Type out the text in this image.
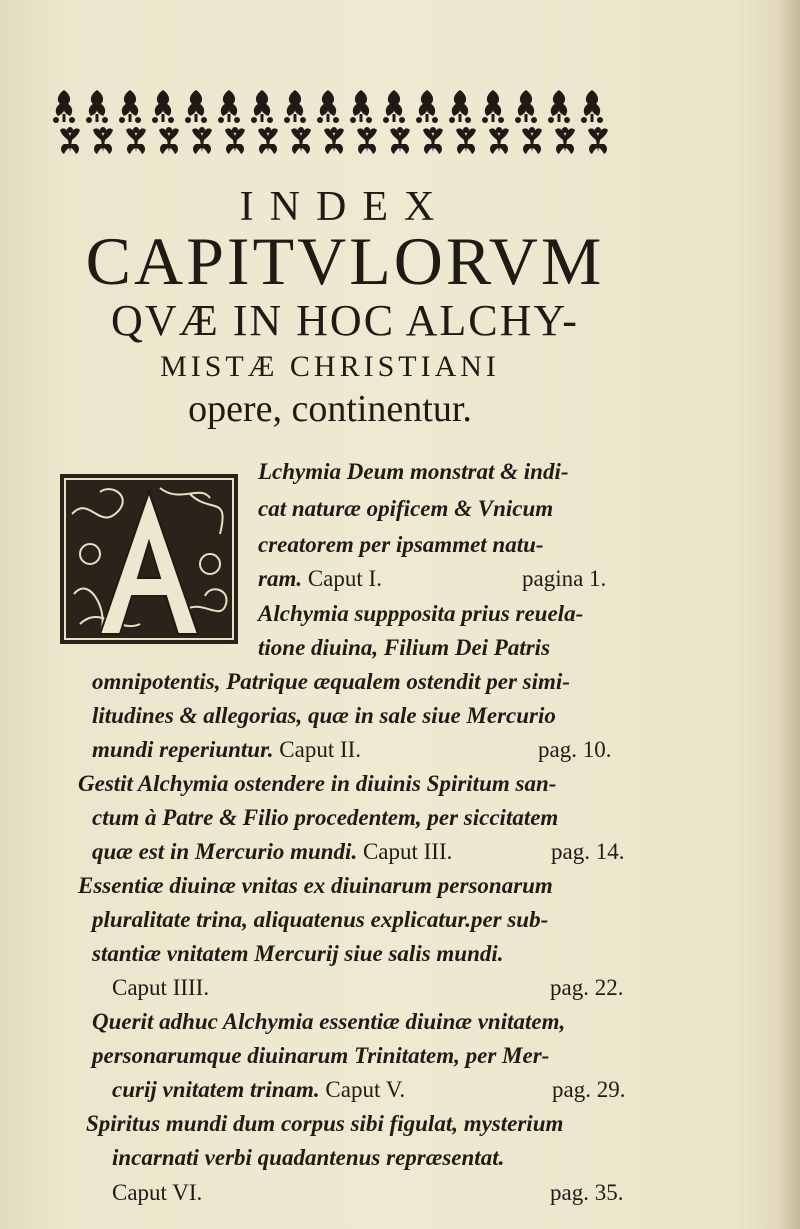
INDEX
CAPITVLORVM
QVÆ IN HOC ALCHY-
MISTÆ CHRISTIANI
opere, continentur.
Lchymia Deum monstrat & indi-
cat naturæ opificem & Vnicum
creatorem per ipsammet natu-
ram. Caput I.	pagina 1.
Alchymia suppposita prius reuela-
tione diuina, Filium Dei Patris
omnipotentis, Patrique æqualem ostendit per simi-
litudines & allegorias, quæ in sale siue Mercurio
mundi reperiuntur. Caput II.	pag. 10.
Gestit Alchymia ostendere in diuinis Spiritum san-
ctum à Patre & Filio procedentem, per siccitatem
quæ est in Mercurio mundi. Caput III.	pag. 14.
Essentiæ diuinæ vnitas ex diuinarum personarum
pluralitate trina, aliquatenus explicatur.per sub-
stantiæ vnitatem Mercurij siue salis mundi.
Caput IIII.	pag. 22.
Querit adhuc Alchymia essentiæ diuinæ vnitatem,
personarumque diuinarum Trinitatem, per Mer-
curij vnitatem trinam. Caput V.	pag. 29.
Spiritus mundi dum corpus sibi figulat, mysterium
incarnati verbi quadantenus repræsentat.
Caput VI.	pag. 35.
